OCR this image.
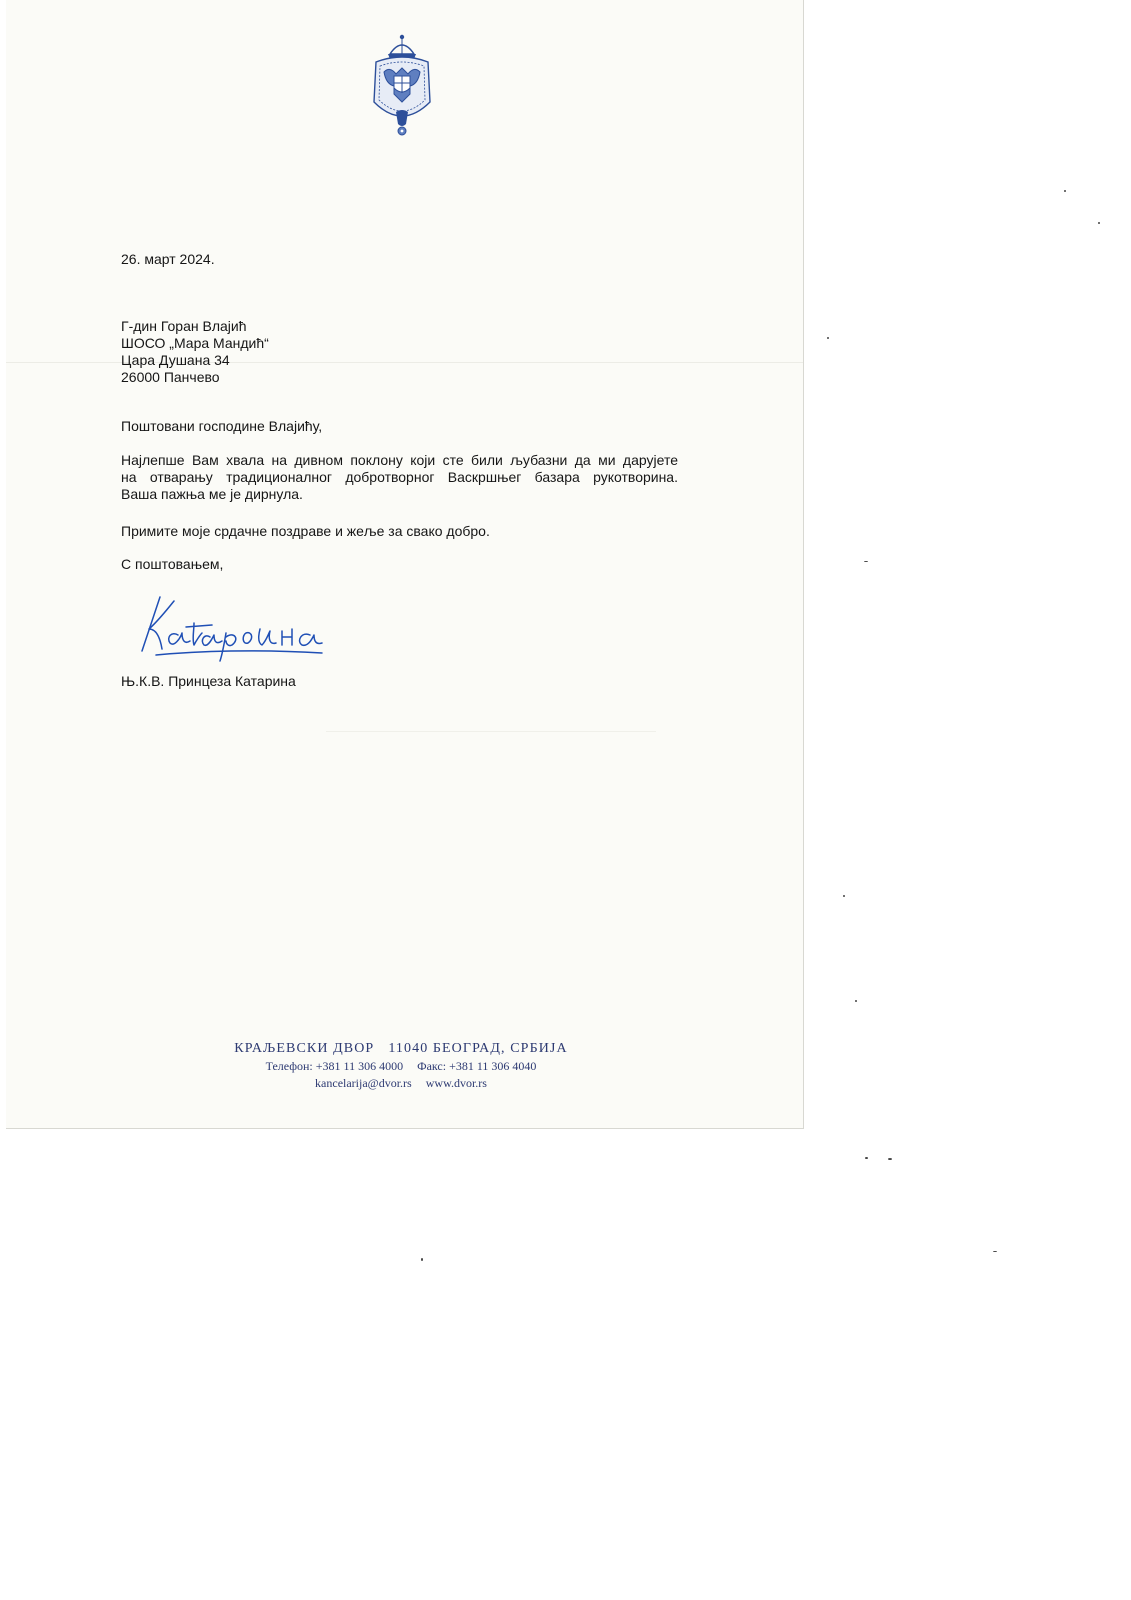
26. март 2024.
Г-дин Горан Влајић
ШОСО „Мара Мандић“
Цара Душана 34
26000 Панчево
Поштовани господине Влајићу,
Најлепше Вам хвала на дивном поклону који сте били љубазни да ми дарујете
на отварању традиционалног добротворног Васкршњег базара рукотворина.
Ваша пажња ме је дирнула.
Примите моје срдачне поздраве и жеље за свако добро.
С поштовањем,
Њ.К.В. Принцеза Катарина
КРАЉЕВСКИ ДВОР 11040 БЕОГРАД, СРБИЈА
Телефон: +381 11 306 4000 Факс: +381 11 306 4040
kancelarija@dvor.rs www.dvor.rs
